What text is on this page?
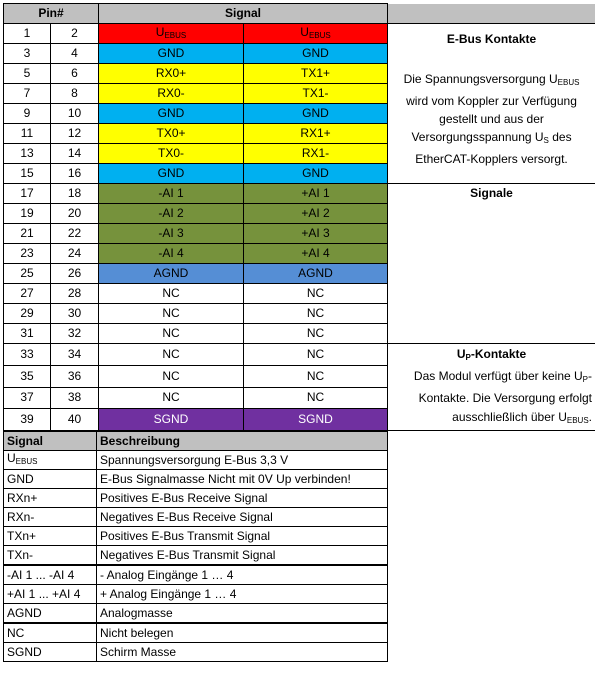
Pin#		Signal		
1	2	$U_{EBUS}$	$U_{EBUS}$	E-Bus Kontakte
Die Spannungsversorgung $U_{EBUS}$ wird vom Koppler zur Verfügung gestellt und aus der Versorgungsspannung $U_S$ des EtherCAT-Kopplers versorgt.

3	4	GND	GND	
5	6	RX0+	TX1+	
7	8	RX0-	TX1-	
9	10	GND	GND	
11	12	TX0+	RX1+	
13	14	TX0-	RX1-	
15	16	GND	GND	
17	18	-AI 1	+AI 1	Signale
19	20	-AI 2	+AI 2	
21	22	-AI 3	+AI 3	
23	24	-AI 4	+AI 4	
25	26	AGND	AGND	
27	28	NC	NC	
29	30	NC	NC	
31	32	NC	NC	
33	34	NC	NC	$U_P$-Kontakte
Das Modul verfügt über keine $U_P$-Kontakte. Die Versorgung erfolgt ausschließlich über $U_{EBUS}$.

35	36	NC	NC	
37	38	NC	NC	
39	40	SGND	SGND	
Signal	Beschreibung
$U_{EBUS}$	Spannungsversorgung E-Bus 3,3 V
GND	E-Bus Signalmasse Nicht mit 0V Up verbinden!
RXn+	Positives E-Bus Receive Signal
RXn-	Negatives E-Bus Receive Signal
TXn+	Positives E-Bus Transmit Signal
TXn-	Negatives E-Bus Transmit Signal
-AI 1 ... -AI 4	- Analog Eingänge 1 … 4
+AI 1 ... +AI 4	+ Analog Eingänge 1 … 4
AGND	Analogmasse
NC	Nicht belegen
SGND	Schirm Masse
